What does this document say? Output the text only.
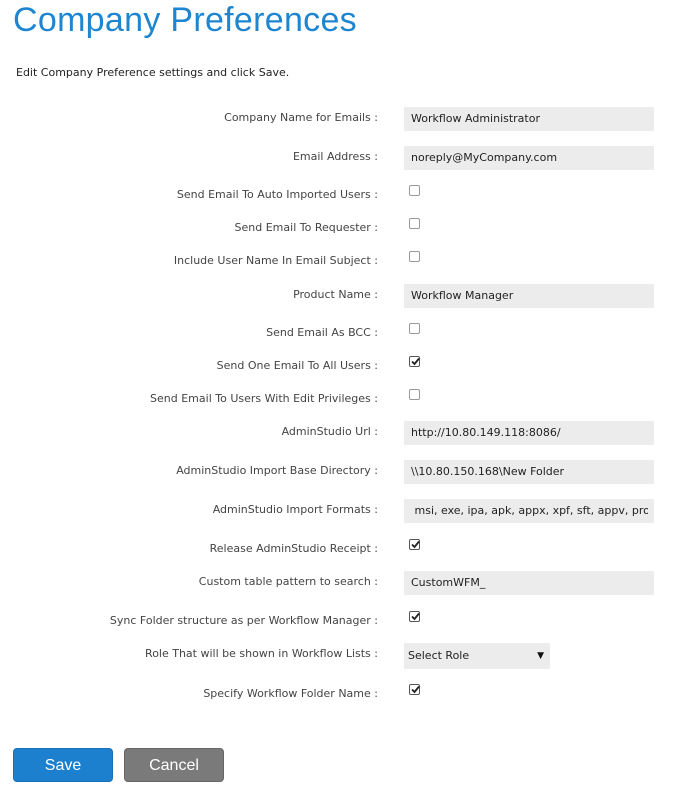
Company Preferences
Edit Company Preference settings and click Save.
Company Name for Emails :
Workflow Administrator
Email Address :
noreply@MyCompany.com
Send Email To Auto Imported Users :
Send Email To Requester :
Include User Name In Email Subject :
Product Name :
Workflow Manager
Send Email As BCC :
Send One Email To All Users :
Send Email To Users With Edit Privileges :
AdminStudio Url :
http://10.80.149.118:8086/
AdminStudio Import Base Directory :
\\10.80.150.168\New Folder
AdminStudio Import Formats :
msi, exe, ipa, apk, appx, xpf, sft, appv, profile,
Release AdminStudio Receipt :
Custom table pattern to search :
CustomWFM_
Sync Folder structure as per Workflow Manager :
Role That will be shown in Workflow Lists :	Select Role	▼
Specify Workflow Folder Name :
Save	Cancel
